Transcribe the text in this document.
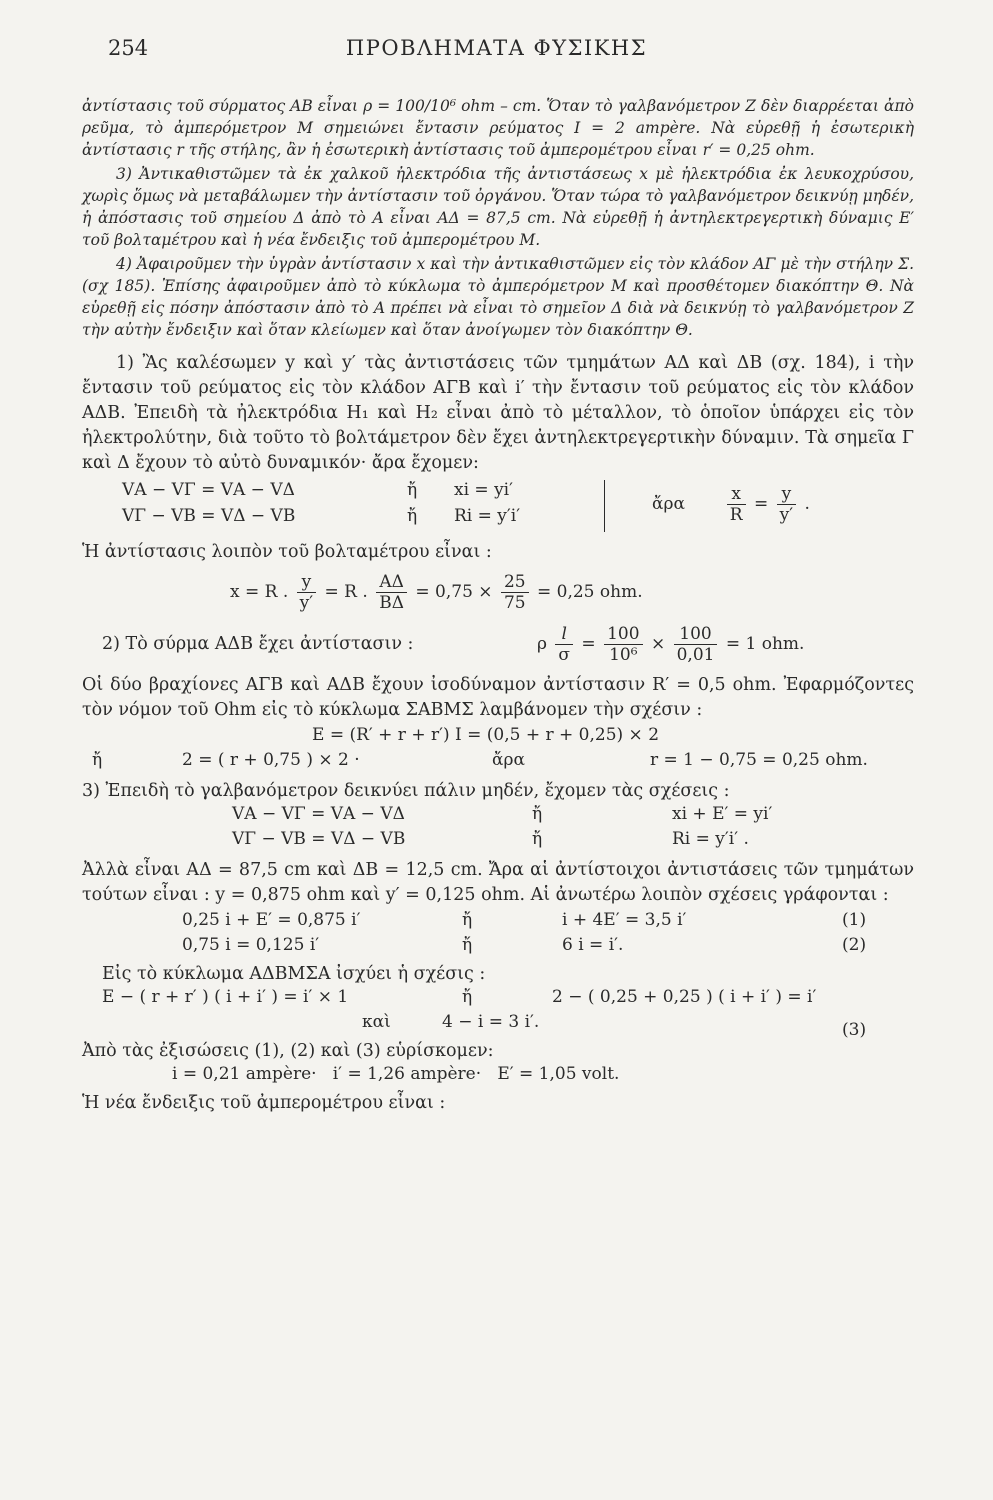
254	ΠΡΟΒΛΗΜΑΤΑ ΦΥΣΙΚΗΣ

ἀντίστασις τοῦ σύρματος ΑΒ εἶναι ρ = 100/10⁶ ohm – cm. Ὅταν τὸ γαλβανόμετρον Ζ δὲν διαρρέεται ἀπὸ ρεῦμα, τὸ ἀμπερόμετρον Μ σημειώνει ἔντασιν ρεύματος Ι = 2 ampère. Νὰ εὑρεθῇ ἡ ἐσωτερικὴ ἀντίστασις r τῆς στήλης, ἂν ἡ ἐσωτερικὴ ἀντίστασις τοῦ ἀμπερομέτρου εἶναι r′ = 0,25 ohm.

3) Ἀντικαθιστῶμεν τὰ ἐκ χαλκοῦ ἠλεκτρόδια τῆς ἀντιστάσεως x μὲ ἠλεκτρόδια ἐκ λευκοχρύσου, χωρὶς ὅμως νὰ μεταβάλωμεν τὴν ἀντίστασιν τοῦ ὀργάνου. Ὅταν τώρα τὸ γαλβανόμετρον δεικνύῃ μηδέν, ἡ ἀπόστασις τοῦ σημείου Δ ἀπὸ τὸ Α εἶναι ΑΔ = 87,5 cm. Νὰ εὑρεθῇ ἡ ἀντηλεκτρεγερτικὴ δύναμις Ε′ τοῦ βολταμέτρου καὶ ἡ νέα ἔνδειξις τοῦ ἀμπερομέτρου Μ.

4) Ἀφαιροῦμεν τὴν ὑγρὰν ἀντίστασιν x καὶ τὴν ἀντικαθιστῶμεν εἰς τὸν κλάδον ΑΓ μὲ τὴν στήλην Σ. (σχ 185). Ἐπίσης ἀφαιροῦμεν ἀπὸ τὸ κύκλωμα τὸ ἀμπερόμετρον Μ καὶ προσθέτομεν διακόπτην Θ. Νὰ εὑρεθῇ εἰς πόσην ἀπόστασιν ἀπὸ τὸ Α πρέπει νὰ εἶναι τὸ σημεῖον Δ διὰ νὰ δεικνύῃ τὸ γαλβανόμετρον Ζ τὴν αὐτὴν ἔνδειξιν καὶ ὅταν κλείωμεν καὶ ὅταν ἀνοίγωμεν τὸν διακόπτην Θ.

1) Ἂς καλέσωμεν y καὶ y′ τὰς ἀντιστάσεις τῶν τμημάτων ΑΔ καὶ ΔΒ (σχ. 184), i τὴν ἔντασιν τοῦ ρεύματος εἰς τὸν κλάδον ΑΓΒ καὶ i′ τὴν ἔντασιν τοῦ ρεύματος εἰς τὸν κλάδον ΑΔΒ. Ἐπειδὴ τὰ ἠλεκτρόδια Η₁ καὶ Η₂ εἶναι ἀπὸ τὸ μέταλλον, τὸ ὁποῖον ὑπάρχει εἰς τὸν ἠλεκτρολύτην, διὰ τοῦτο τὸ βολτάμετρον δὲν ἔχει ἀντηλεκτρεγερτικὴν δύναμιν. Τὰ σημεῖα Γ καὶ Δ ἔχουν τὸ αὐτὸ δυναμικόν· ἄρα ἔχομεν:

VΑ − VΓ = VΑ − VΔ	ἤ xi = yi′
VΓ − VΒ = VΔ − VΒ	ἤ Ri = y′i′
ἄρα $\frac{x}{R} = \frac{y}{y'}$ .

Ἡ ἀντίστασις λοιπὸν τοῦ βολταμέτρου εἶναι :

x = R . $\frac{y}{y'} = R$ . $\frac{A\Delta}{B\Delta} = 0,75 \times \frac{25}{75} = 0,25$ ohm.
2) Τὸ σύρμα ΑΔΒ ἔχει ἀντίστασιν :	ρ $\frac{l}{\sigma} = \frac{100}{\text{10⁶}} \times \frac{100}{0,01} = 1$ ohm.

Οἱ δύο βραχίονες ΑΓΒ καὶ ΑΔΒ ἔχουν ἰσοδύναμον ἀντίστασιν R′ = 0,5 ohm. Ἐφαρμόζοντες τὸν νόμον τοῦ Ohm εἰς τὸ κύκλωμα ΣΑΒΜΣ λαμβάνομεν τὴν σχέσιν :

E = (R′ + r + r′) I = (0,5 + r + 0,25) × 2
ἤ	2 = ( r + 0,75 ) × 2 ·	ἄρα	r = 1 − 0,75 = 0,25 ohm.

3) Ἐπειδὴ τὸ γαλβανόμετρον δεικνύει πάλιν μηδέν, ἔχομεν τὰς σχέσεις :

VΑ − VΓ = VΑ − VΔ	ἤ	xi + E′ = yi′
VΓ − VΒ = VΔ − VΒ	ἤ	Ri = y′i′ .

Ἀλλὰ εἶναι ΑΔ = 87,5 cm καὶ ΔΒ = 12,5 cm. Ἄρα αἱ ἀντίστοιχοι ἀντιστάσεις τῶν τμημάτων τούτων εἶναι : y = 0,875 ohm καὶ y′ = 0,125 ohm. Αἱ ἀνωτέρω λοιπὸν σχέσεις γράφονται :

0,25 i + E′ = 0,875 i′	ἤ	i + 4E′ = 3,5 i′	(1)
0,75 i = 0,125 i′	ἤ	6 i = i′.	(2)

Εἰς τὸ κύκλωμα ΑΔΒΜΣΑ ἰσχύει ἡ σχέσις :

E − ( r + r′ ) ( i + i′ ) = i′ × 1	ἤ	2 − ( 0,25 + 0,25 ) ( i + i′ ) = i′
καὶ	4 − i = 3 i′.	(3)

Ἀπὸ τὰς ἐξισώσεις (1), (2) καὶ (3) εὑρίσκομεν:

i = 0,21 ampère·   i′ = 1,26 ampère·   E′ = 1,05 volt.

Ἡ νέα ἔνδειξις τοῦ ἀμπερομέτρου εἶναι :
